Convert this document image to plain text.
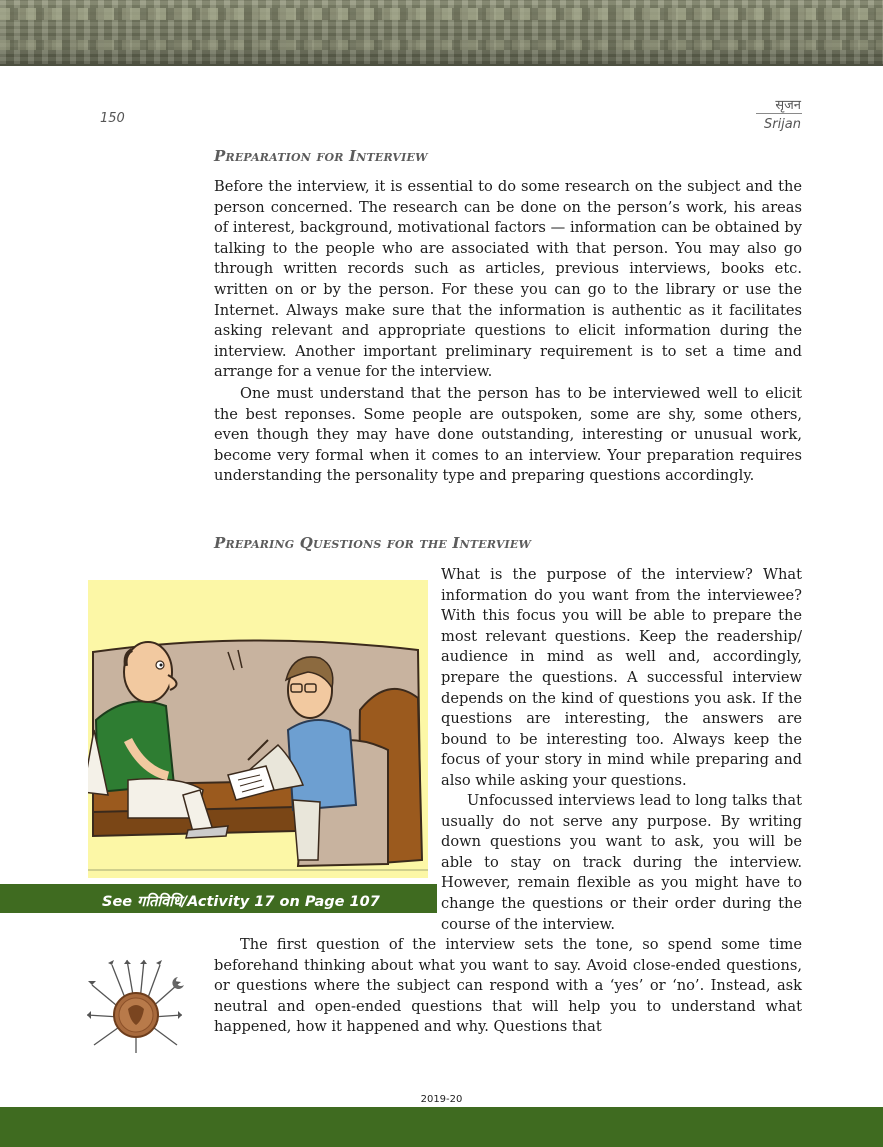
150
सृजन
Srijan
Preparation for Interview

Before the interview, it is essential to do some research on the subject and the person concerned. The research can be done on the person’s work, his areas of interest, background, motivational factors — information can be obtained by talking to the people who are associated with that person. You may also go through written records such as articles, previous interviews, books etc. written on or by the person. For these you can go to the library or use the Internet. Always make sure that the information is authentic as it facilitates asking relevant and appropriate questions to elicit information during the interview. Another important preliminary requirement is to set a time and arrange for a venue for the interview.

One must understand that the person has to be interviewed well to elicit the best reponses. Some people are outspoken, some are shy, some others, even though they may have done outstanding, interesting or unusual work, become very formal when it comes to an interview. Your preparation requires understanding the personality type and preparing questions accordingly.

Preparing Questions for the Interview

What is the purpose of the interview? What information do you want from the interviewee? With this focus you will be able to prepare the most relevant questions. Keep the readership/ audience in mind as well and, accordingly, prepare the questions. A successful interview depends on the kind of questions you ask. If the questions are interesting, the answers are bound to be interesting too. Always keep the focus of your story in mind while preparing and also while asking your questions.

Unfocussed interviews lead to long talks that usually do not serve any purpose. By writing down questions you want to ask, you will be able to stay on track during the interview. However, remain flexible as you might have to change the questions or their order during the course of the interview.

See गतिविधि/Activity 17 on Page 107

The first question of the interview sets the tone, so spend some time beforehand thinking about what you want to say. Avoid close-ended questions, or questions where the subject can respond with a ‘yes’ or ‘no’. Instead, ask neutral and open-ended questions that will help you to understand what happened, how it happened and why. Questions that

2019-20
